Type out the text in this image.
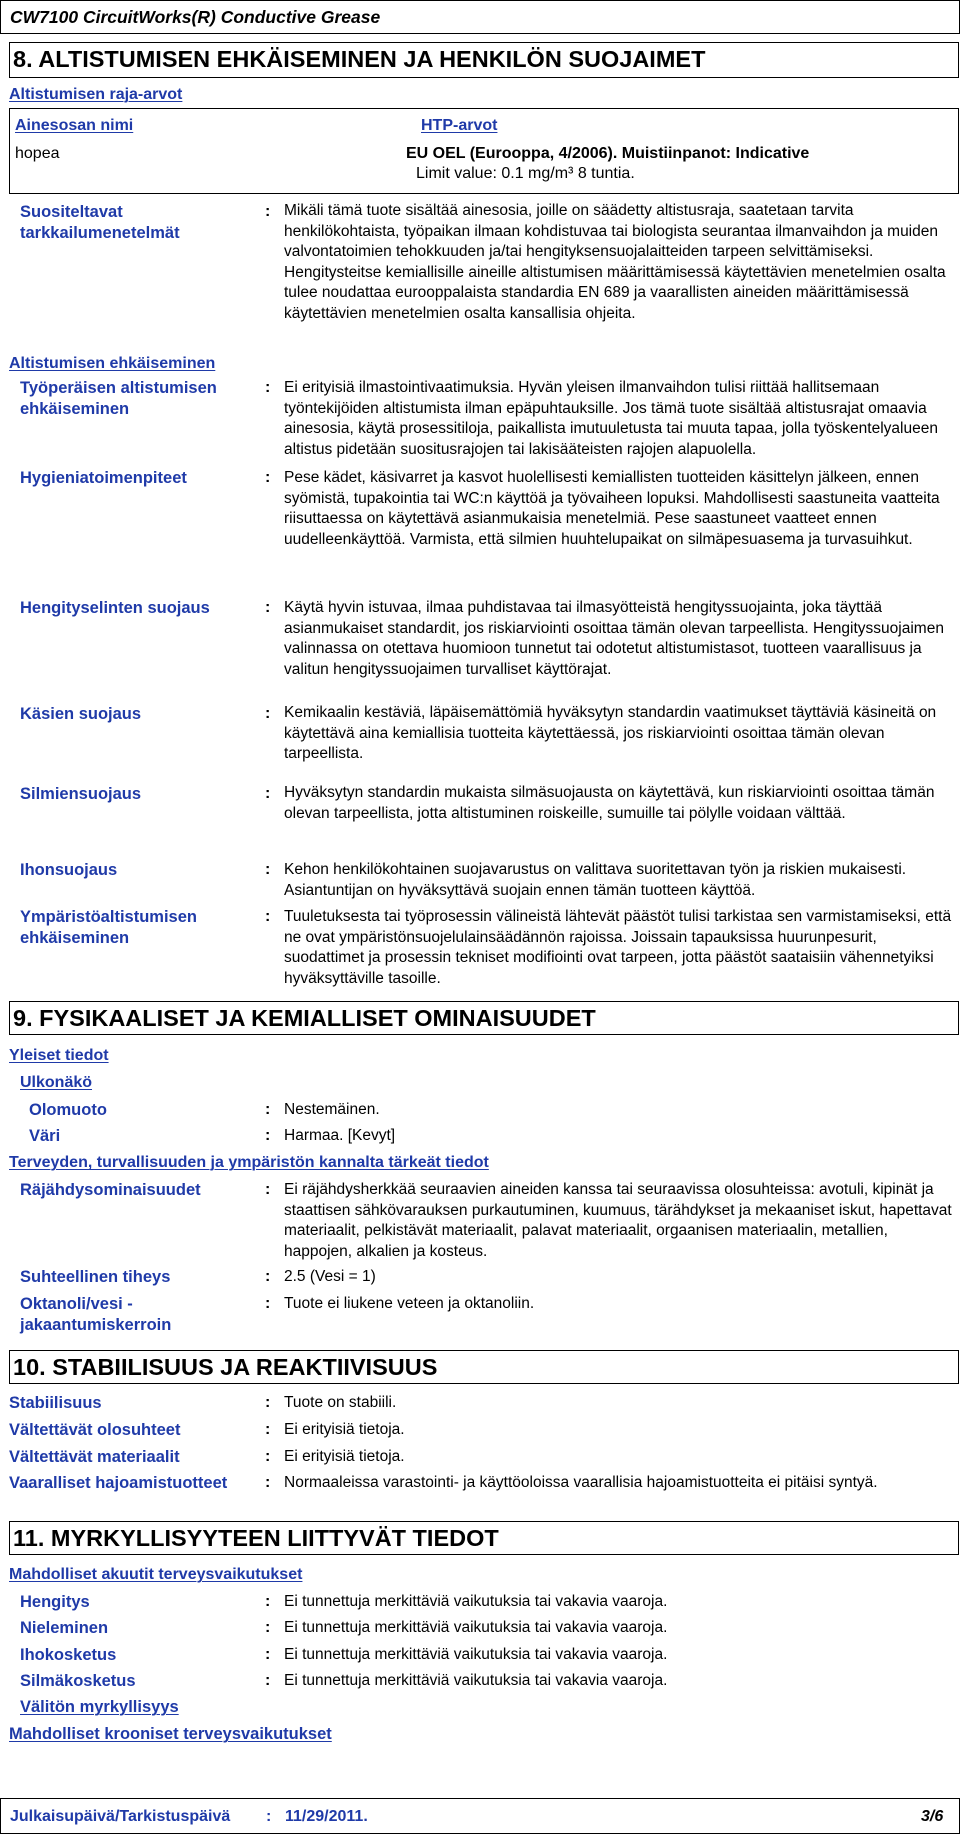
CW7100 CircuitWorks(R) Conductive Grease
8. ALTISTUMISEN EHKÄISEMINEN JA HENKILÖN SUOJAIMET
Altistumisen raja-arvot
Ainesosan nimi	HTP-arvot
hopea	EU OEL (Eurooppa, 4/2006). Muistiinpanot: Indicative
Limit value: 0.1 mg/m³ 8 tuntia.
Suositeltavat tarkkailumenetelmät
: Mikäli tämä tuote sisältää ainesosia, joille on säädetty altistusraja, saatetaan tarvita henkilökohtaista, työpaikan ilmaan kohdistuvaa tai biologista seurantaa ilmanvaihdon ja muiden valvontatoimien tehokkuuden ja/tai hengityksensuojalaitteiden tarpeen selvittämiseksi. Hengitysteitse kemiallisille aineille altistumisen määrittämisessä käytettävien menetelmien osalta tulee noudattaa eurooppalaista standardia EN 689 ja vaarallisten aineiden määrittämisessä käytettävien menetelmien osalta kansallisia ohjeita.
Altistumisen ehkäiseminen
Työperäisen altistumisen ehkäiseminen
: Ei erityisiä ilmastointivaatimuksia. Hyvän yleisen ilmanvaihdon tulisi riittää hallitsemaan työntekijöiden altistumista ilman epäpuhtauksille. Jos tämä tuote sisältää altistusrajat omaavia ainesosia, käytä prosessitiloja, paikallista imutuuletusta tai muuta tapaa, jolla työskentelyalueen altistus pidetään suositusrajojen tai lakisääteisten rajojen alapuolella.
Hygieniatoimenpiteet	: Pese kädet, käsivarret ja kasvot huolellisesti kemiallisten tuotteiden käsittelyn jälkeen, ennen syömistä, tupakointia tai WC:n käyttöä ja työvaiheen lopuksi. Mahdollisesti saastuneita vaatteita riisuttaessa on käytettävä asianmukaisia menetelmiä. Pese saastuneet vaatteet ennen uudelleenkäyttöä. Varmista, että silmien huuhtelupaikat on silmäpesuasema ja turvasuihkut.
Hengityselinten suojaus	: Käytä hyvin istuvaa, ilmaa puhdistavaa tai ilmasyötteistä hengityssuojainta, joka täyttää asianmukaiset standardit, jos riskiarviointi osoittaa tämän olevan tarpeellista. Hengityssuojaimen valinnassa on otettava huomioon tunnetut tai odotetut altistumistasot, tuotteen vaarallisuus ja valitun hengityssuojaimen turvalliset käyttörajat.
Käsien suojaus	: Kemikaalin kestäviä, läpäisemättömiä hyväksytyn standardin vaatimukset täyttäviä käsineitä on käytettävä aina kemiallisia tuotteita käytettäessä, jos riskiarviointi osoittaa tämän olevan tarpeellista.
Silmiensuojaus	: Hyväksytyn standardin mukaista silmäsuojausta on käytettävä, kun riskiarviointi osoittaa tämän olevan tarpeellista, jotta altistuminen roiskeille, sumuille tai pölylle voidaan välttää.
Ihonsuojaus	: Kehon henkilökohtainen suojavarustus on valittava suoritettavan työn ja riskien mukaisesti. Asiantuntijan on hyväksyttävä suojain ennen tämän tuotteen käyttöä.
Ympäristöaltistumisen ehkäiseminen
: Tuuletuksesta tai työprosessin välineistä lähtevät päästöt tulisi tarkistaa sen varmistamiseksi, että ne ovat ympäristönsuojelulainsäädännön rajoissa. Joissain tapauksissa huurunpesurit, suodattimet ja prosessin tekniset modifiointi ovat tarpeen, jotta päästöt saataisiin vähennetyiksi hyväksyttäville tasoille.
9. FYSIKAALISET JA KEMIALLISET OMINAISUUDET
Yleiset tiedot
Ulkonäkö
Olomuoto	: Nestemäinen.
Väri	: Harmaa. [Kevyt]
Terveyden, turvallisuuden ja ympäristön kannalta tärkeät tiedot
Räjähdysominaisuudet	: Ei räjähdysherkkää seuraavien aineiden kanssa tai seuraavissa olosuhteissa: avotuli, kipinät ja staattisen sähkövarauksen purkautuminen, kuumuus, tärähdykset ja mekaaniset iskut, hapettavat materiaalit, pelkistävät materiaalit, palavat materiaalit, orgaanisen materiaalin, metallien, happojen, alkalien ja kosteus.
Suhteellinen tiheys	: 2.5 (Vesi = 1)
Oktanoli/vesi - jakaantumiskerroin
: Tuote ei liukene veteen ja oktanoliin.
10. STABIILISUUS JA REAKTIIVISUUS
Stabiilisuus	: Tuote on stabiili.
Vältettävät olosuhteet	: Ei erityisiä tietoja.
Vältettävät materiaalit	: Ei erityisiä tietoja.
Vaaralliset hajoamistuotteet	: Normaaleissa varastointi- ja käyttöoloissa vaarallisia hajoamistuotteita ei pitäisi syntyä.
11. MYRKYLLISYYTEEN LIITTYVÄT TIEDOT
Mahdolliset akuutit terveysvaikutukset
Hengitys	: Ei tunnettuja merkittäviä vaikutuksia tai vakavia vaaroja.
Nieleminen	: Ei tunnettuja merkittäviä vaikutuksia tai vakavia vaaroja.
Ihokosketus	: Ei tunnettuja merkittäviä vaikutuksia tai vakavia vaaroja.
Silmäkosketus	: Ei tunnettuja merkittäviä vaikutuksia tai vakavia vaaroja.
Välitön myrkyllisyys
Mahdolliset krooniset terveysvaikutukset
Julkaisupäivä/Tarkistuspäivä : 11/29/2011.	3/6
